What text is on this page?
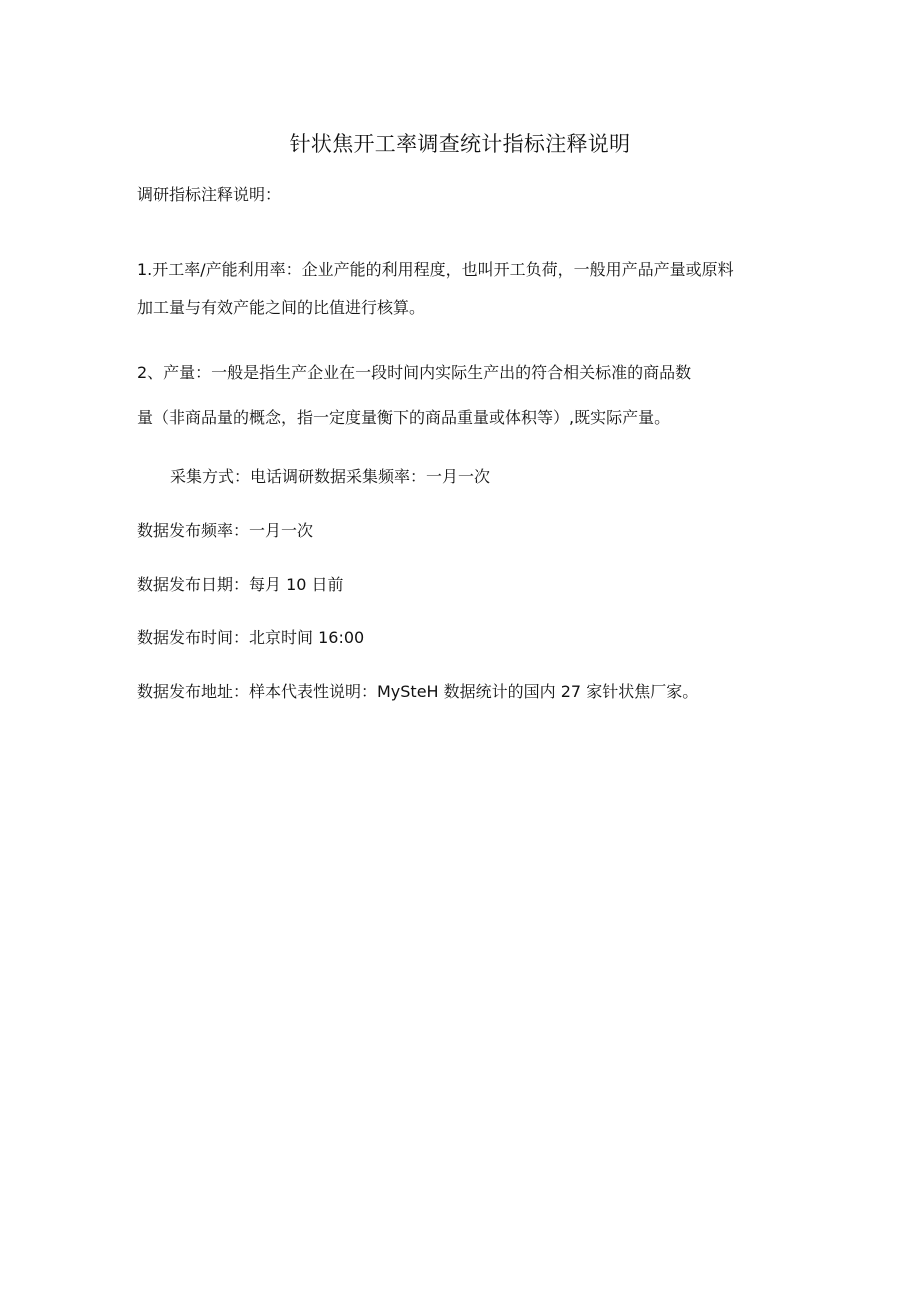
针状焦开工率调查统计指标注释说明
调研指标注释说明：
1.开工率/产能利用率：企业产能的利用程度，也叫开工负荷，一般用产品产量或原料
加工量与有效产能之间的比值进行核算。
2、产量：一般是指生产企业在一段时间内实际生产出的符合相关标准的商品数
量（非商品量的概念，指一定度量衡下的商品重量或体积等）,既实际产量。
采集方式：电话调研数据采集频率：一月一次
数据发布频率：一月一次
数据发布日期：每月 10 日前
数据发布时间：北京时间 16:00
数据发布地址：样本代表性说明：MySteH 数据统计的国内 27 家针状焦厂家。
